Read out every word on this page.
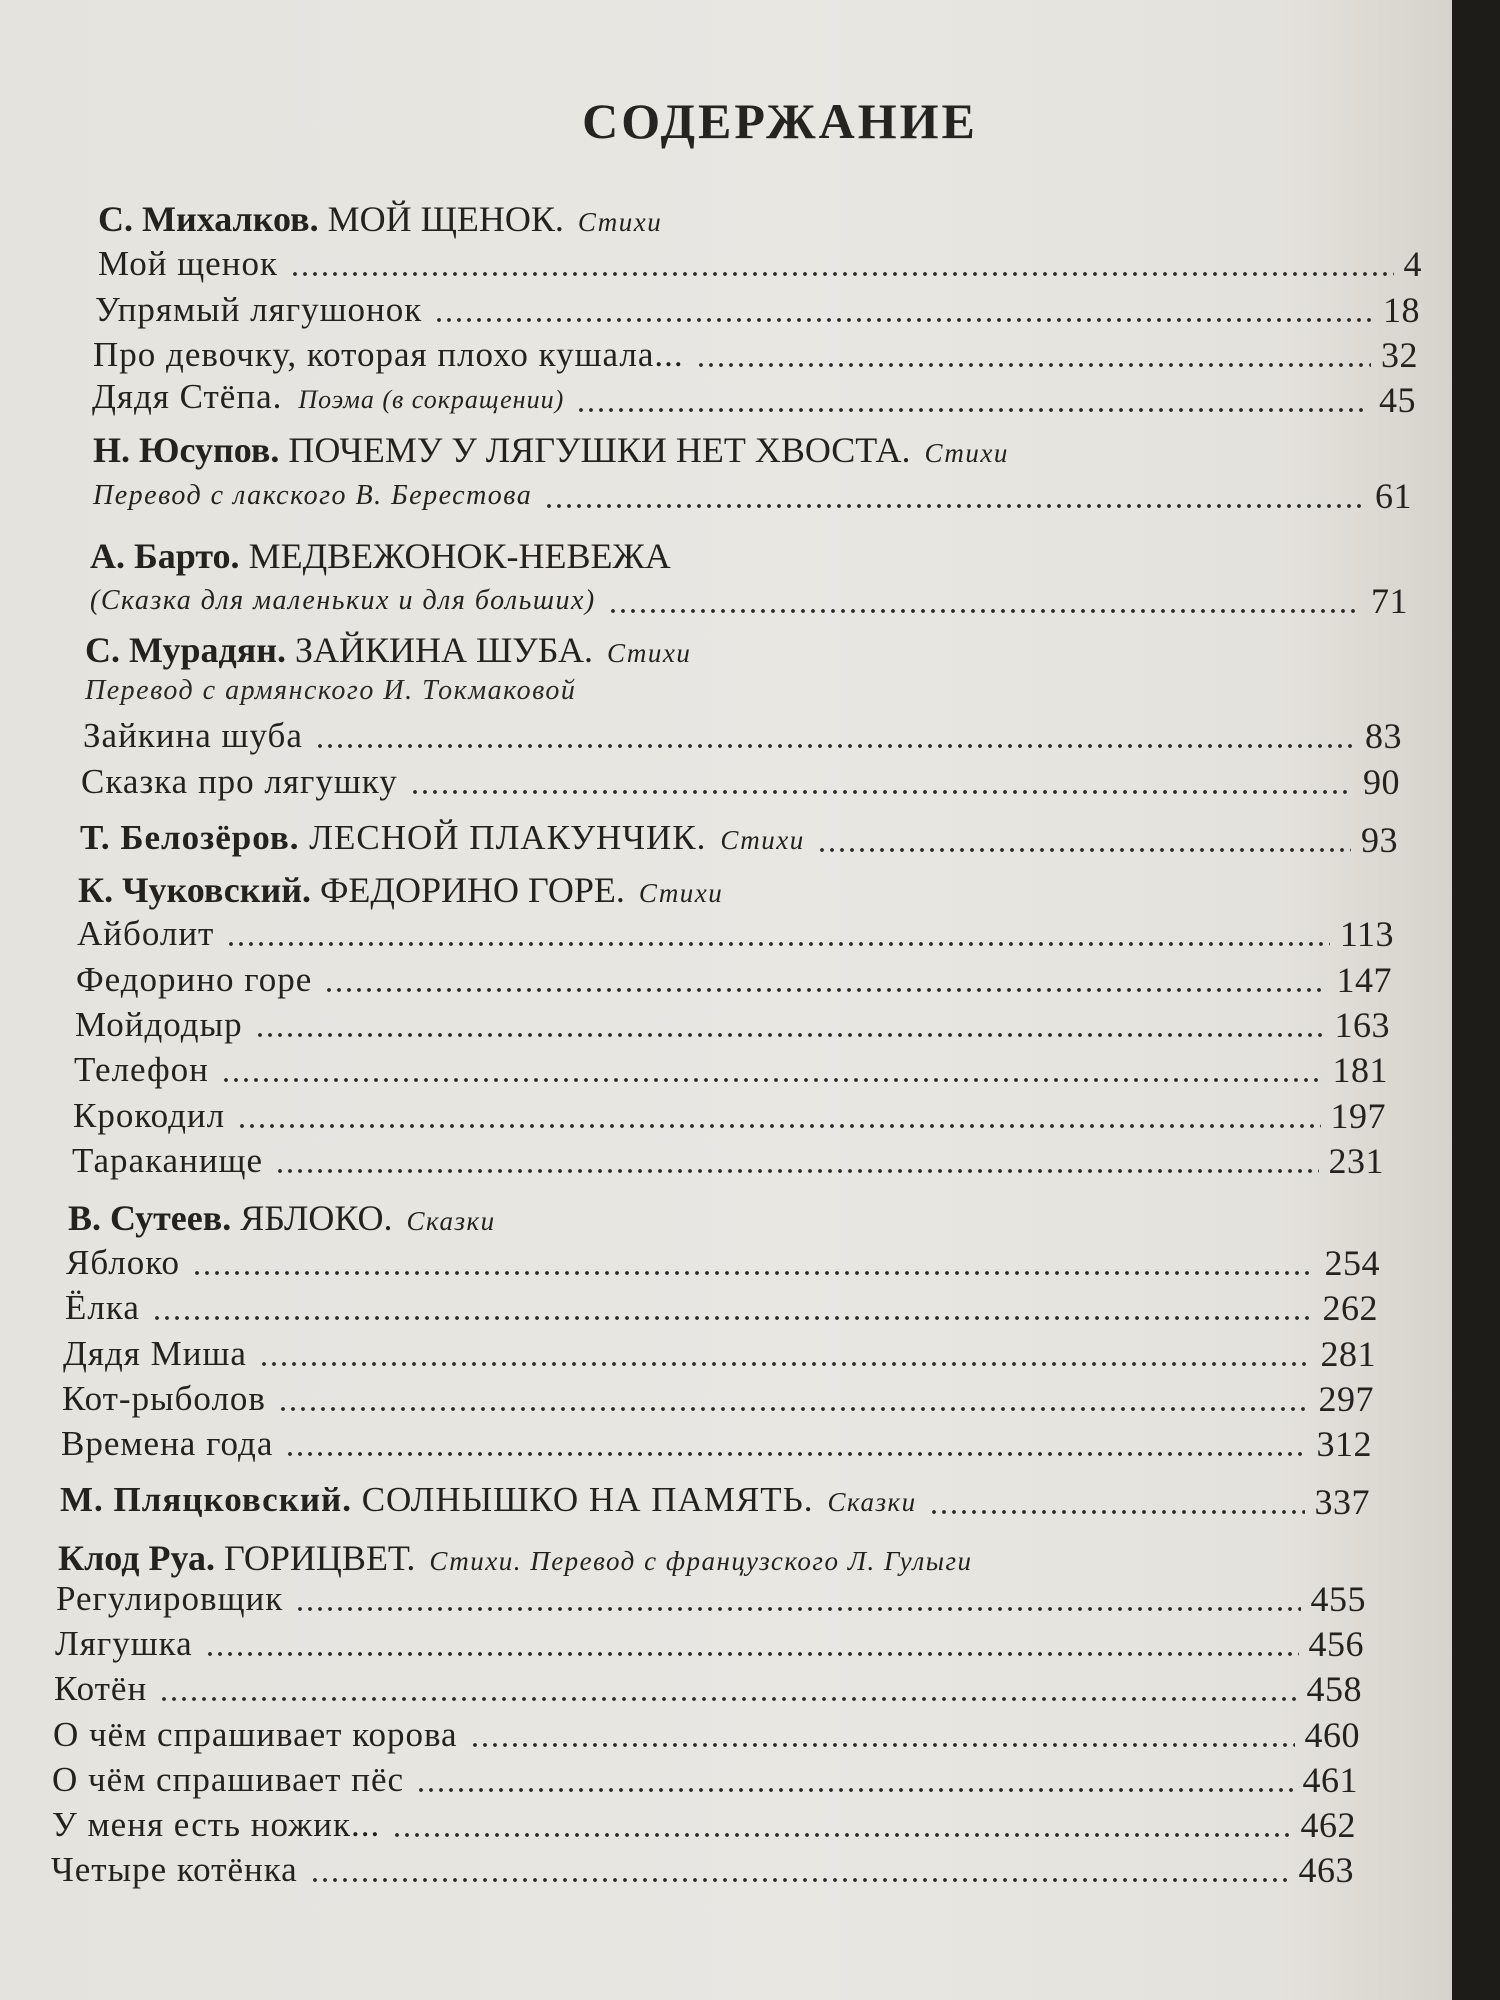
СОДЕРЖАНИЕ
С. Михалков. МОЙ ЩЕНОК. Стихи
Мой щенок	4
Упрямый лягушонок	18
Про девочку, которая плохо кушала...	32
Дядя Стёпа. Поэма (в сокращении)	45
Н. Юсупов. ПОЧЕМУ У ЛЯГУШКИ НЕТ ХВОСТА. Стихи
Перевод с лакского В. Берестова	61
А. Барто. МЕДВЕЖОНОК-НЕВЕЖА
(Сказка для маленьких и для больших)	71
С. Мурадян. ЗАЙКИНА ШУБА. Стихи
Перевод с армянского И. Токмаковой
Зайкина шуба	83
Сказка про лягушку	90
Т. Белозёров. ЛЕСНОЙ ПЛАКУНЧИК. Стихи	93
К. Чуковский. ФЕДОРИНО ГОРЕ. Стихи
Айболит	113
Федорино горе	147
Мойдодыр	163
Телефон	181
Крокодил	197
Тараканище	231
В. Сутеев. ЯБЛОКО. Сказки
Яблоко	254
Ёлка	262
Дядя Миша	281
Кот-рыболов	297
Времена года	312
М. Пляцковский. СОЛНЫШКО НА ПАМЯТЬ. Сказки	337
Клод Руа. ГОРИЦВЕТ. Стихи. Перевод с французского Л. Гулыги
Регулировщик	455
Лягушка	456
Котён	458
О чём спрашивает корова	460
О чём спрашивает пёс	461
У меня есть ножик...	462
Четыре котёнка	463
